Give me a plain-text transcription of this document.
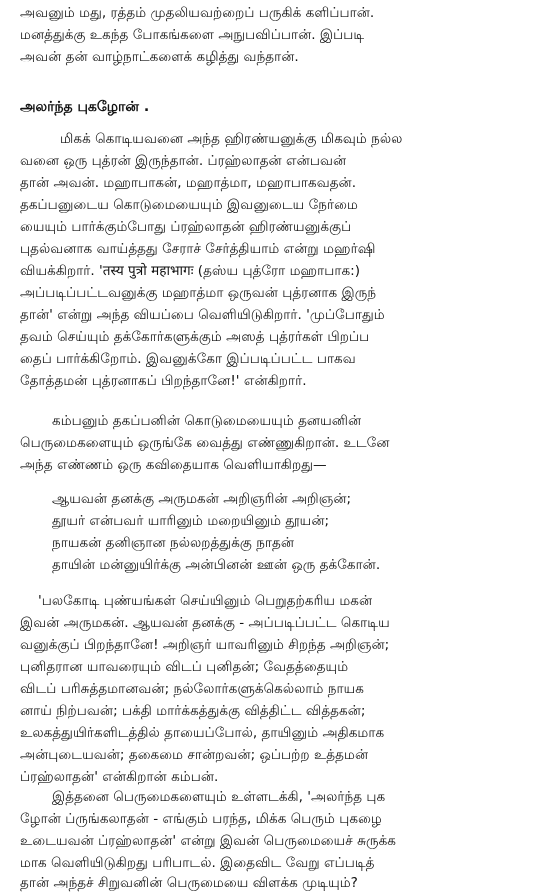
அவனும் மது, ரத்தம் முதலியவற்றைப் பருகிக் களிப்பான்.
மனத்துக்கு உகந்த போகங்களை அநுபவிப்பான். இப்படி
அவன் தன் வாழ்நாட்களைக் கழித்து வந்தான்.
அலர்ந்த புகழோன் .
மிகக் கொடியவனை அந்த ஹிரண்யனுக்கு மிகவும் நல்ல
வனை ஒரு புத்ரன் இருந்தான். ப்ரஹ்லாதன் என்பவன்
தான் அவன். மஹாபாகன், மஹாத்மா, மஹாபாகவதன்.
தகப்பனுடைய கொடுமையையும் இவனுடைய நேர்மை
யையும் பார்க்கும்போது ப்ரஹ்லாதன் ஹிரண்யனுக்குப்
புதல்வனாக வாய்த்தது சேராச் சேர்த்தியாம் என்று மஹர்ஷி
வியக்கிறார். 'तस्य पुत्रो महाभागः (தஸ்ய புத்ரோ மஹாபாக:)
அப்படிப்பட்டவனுக்கு மஹாத்மா ஒருவன் புத்ரனாக இருந்
தான்' என்று அந்த வியப்பை வெளியிடுகிறார். 'முப்போதும்
தவம் செய்யும் தக்கோர்களுக்கும் அஸத் புத்ரர்கள் பிறப்ப
தைப் பார்க்கிறோம். இவனுக்கோ இப்படிப்பட்ட பாகவ
தோத்தமன் புத்ரனாகப் பிறந்தானே!' என்கிறார்.
கம்பனும் தகப்பனின் கொடுமையையும் தனயனின்
பெருமைகளையும் ஒருங்கே வைத்து எண்ணுகிறான். உடனே
அந்த எண்ணம் ஒரு கவிதையாக வெளியாகிறது—
ஆயவன் தனக்கு அருமகன் அறிஞரின் அறிஞன்;
தூயர் என்பவர் யாரினும் மறையினும் தூயன்;
நாயகன் தனிஞான நல்லறத்துக்கு நாதன்
தாயின் மன்னுயிர்க்கு அன்பினன் ஊன் ஒரு தக்கோன்.
'பலகோடி புண்யங்கள் செய்யினும் பெறுதற்கரிய மகன்
இவன் அருமகன். ஆயவன் தனக்கு - அப்படிப்பட்ட கொடிய
வனுக்குப் பிறந்தானே! அறிஞர் யாவரினும் சிறந்த அறிஞன்;
புனிதரான யாவரையும் விடப் புனிதன்; வேதத்தையும்
விடப் பரிசுத்தமானவன்; நல்லோர்களுக்கெல்லாம் நாயக
னாய் நிற்பவன்; பக்தி மார்க்கத்துக்கு வித்திட்ட வித்தகன்;
உலகத்துயிர்களிடத்தில் தாயைப்போல், தாயினும் அதிகமாக
அன்புடையவன்; தகைமை சான்றவன்; ஒப்பற்ற உத்தமன்
ப்ரஹ்லாதன்' என்கிறான் கம்பன்.
இத்தனை பெருமைகளையும் உள்ளடக்கி, 'அலர்ந்த புக
ழோன் ப்ருங்கலாதன் - எங்கும் பரந்த, மிக்க பெரும் புகழை
உடையவன் ப்ரஹ்லாதன்' என்று இவன் பெருமையைச் சுருக்க
மாக வெளியிடுகிறது பரிபாடல். இதைவிட வேறு எப்படித்
தான் அந்தச் சிறுவனின் பெருமையை விளக்க முடியும்?
